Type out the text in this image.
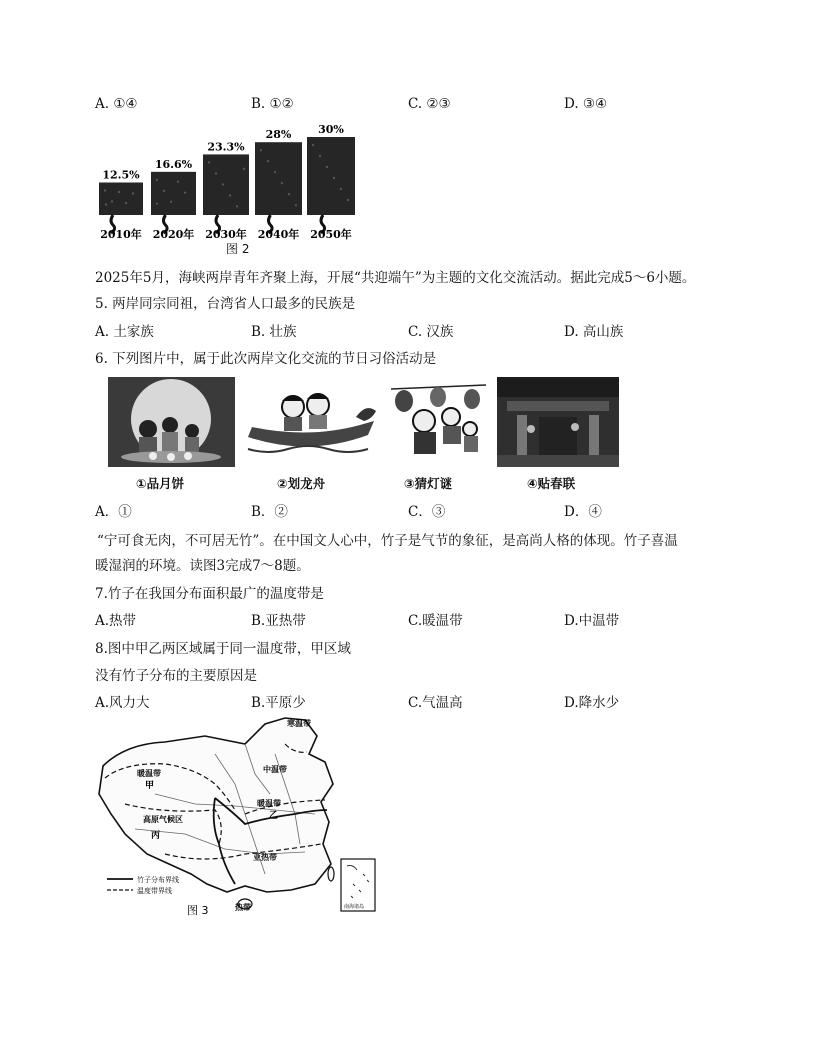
A. ①④	B. ①②	C. ②③	D. ③④
12.5%
2010年
16.6%
2020年
23.3%
2030年
28%
2040年
30%
2050年
图 2
2025年5月，海峡两岸青年齐聚上海，开展“共迎端午”为主题的文化交流活动。据此完成5～6小题。
5. 两岸同宗同祖，台湾省人口最多的民族是
A. 土家族	B. 壮族	C. 汉族	D. 高山族
6. 下列图片中，属于此次两岸文化交流的节日习俗活动是
①品月饼	②划龙舟	③猜灯谜	④贴春联
A．①	B．②	C．③	D．④
“宁可食无肉，不可居无竹”。在中国文人心中，竹子是气节的象征，是高尚人格的体现。竹子喜温
暖湿润的环境。读图3完成7～8题。
7.竹子在我国分布面积最广的温度带是
A.热带	B.亚热带	C.暖温带	D.中温带
8.图中甲乙两区域属于同一温度带，甲区域
没有竹子分布的主要原因是
A.风力大	B.平原少	C.气温高	D.降水少
寒温带
中温带
暖温带
甲
暖温带
乙
高原气候区
丙
亚热带
热带
竹子分布界线
温度带界线
图 3	南海诸岛
